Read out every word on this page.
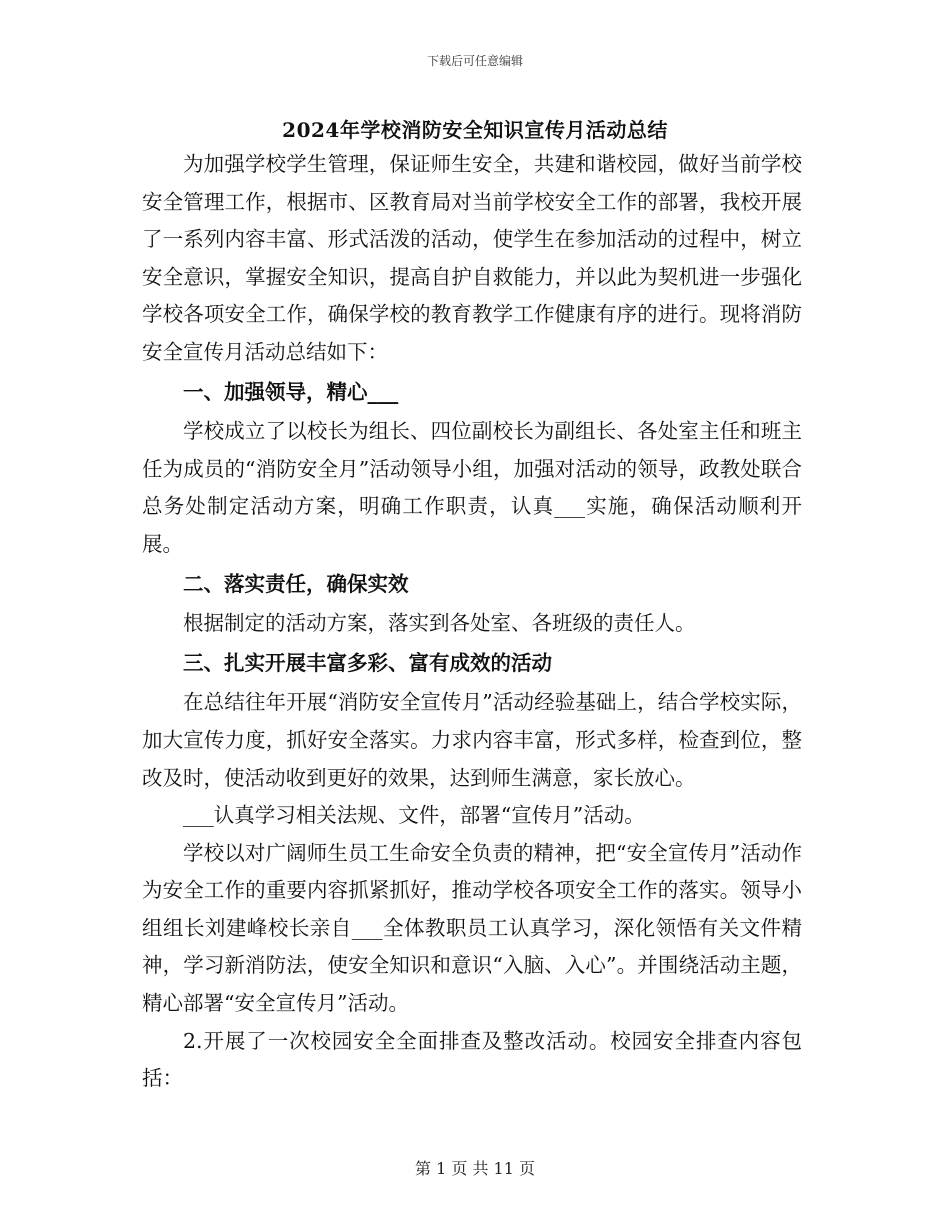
下载后可任意编辑
2024年学校消防安全知识宣传月活动总结

为加强学校学生管理，保证师生安全，共建和谐校园，做好当前学校安全管理工作，根据市、区教育局对当前学校安全工作的部署，我校开展了一系列内容丰富、形式活泼的活动，使学生在参加活动的过程中，树立安全意识，掌握安全知识，提高自护自救能力，并以此为契机进一步强化学校各项安全工作，确保学校的教育教学工作健康有序的进行。现将消防安全宣传月活动总结如下：

一、加强领导，精心___

学校成立了以校长为组长、四位副校长为副组长、各处室主任和班主任为成员的“消防安全月”活动领导小组，加强对活动的领导，政教处联合总务处制定活动方案，明确工作职责，认真___实施，确保活动顺利开展。

二、落实责任，确保实效

根据制定的活动方案，落实到各处室、各班级的责任人。

三、扎实开展丰富多彩、富有成效的活动

在总结往年开展“消防安全宣传月”活动经验基础上，结合学校实际，加大宣传力度，抓好安全落实。力求内容丰富，形式多样，检查到位，整改及时，使活动收到更好的效果，达到师生满意，家长放心。

___认真学习相关法规、文件，部署“宣传月”活动。

学校以对广阔师生员工生命安全负责的精神，把“安全宣传月”活动作为安全工作的重要内容抓紧抓好，推动学校各项安全工作的落实。领导小组组长刘建峰校长亲自___全体教职员工认真学习，深化领悟有关文件精神，学习新消防法，使安全知识和意识“入脑、入心”。并围绕活动主题，精心部署“安全宣传月”活动。

2.开展了一次校园安全全面排查及整改活动。校园安全排查内容包括：

第 1 页 共 11 页
